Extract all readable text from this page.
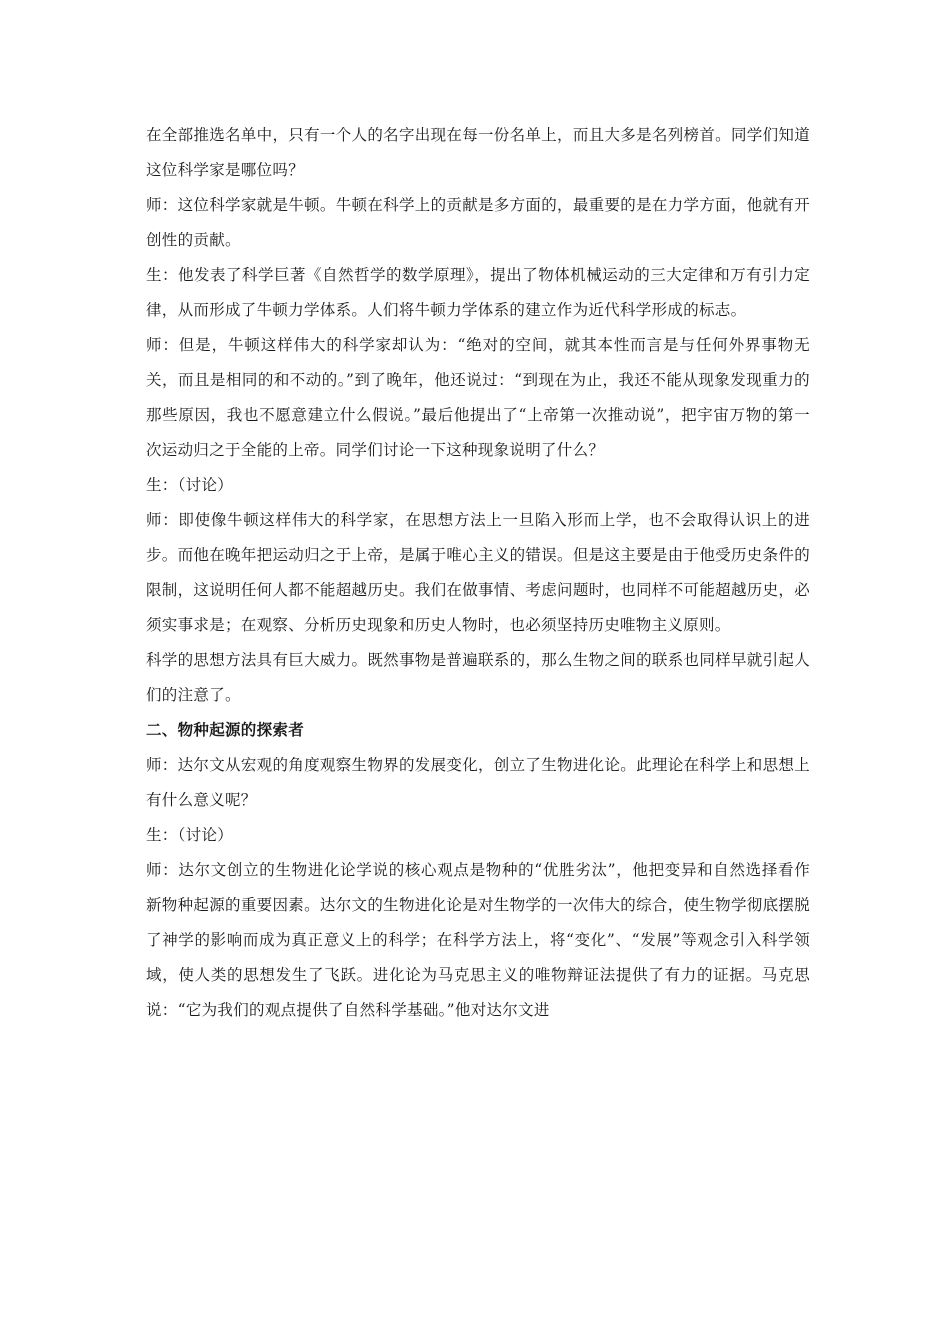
在全部推选名单中，只有一个人的名字出现在每一份名单上，而且大多是名列榜首。同学们知道这位科学家是哪位吗？

师：这位科学家就是牛顿。牛顿在科学上的贡献是多方面的，最重要的是在力学方面，他就有开创性的贡献。

生：他发表了科学巨著《自然哲学的数学原理》，提出了物体机械运动的三大定律和万有引力定律，从而形成了牛顿力学体系。人们将牛顿力学体系的建立作为近代科学形成的标志。

师：但是，牛顿这样伟大的科学家却认为：“绝对的空间，就其本性而言是与任何外界事物无关，而且是相同的和不动的。”到了晚年，他还说过：“到现在为止，我还不能从现象发现重力的那些原因，我也不愿意建立什么假说。”最后他提出了“上帝第一次推动说”，把宇宙万物的第一次运动归之于全能的上帝。同学们讨论一下这种现象说明了什么？

生：（讨论）

师：即使像牛顿这样伟大的科学家，在思想方法上一旦陷入形而上学，也不会取得认识上的进步。而他在晚年把运动归之于上帝，是属于唯心主义的错误。但是这主要是由于他受历史条件的限制，这说明任何人都不能超越历史。我们在做事情、考虑问题时，也同样不可能超越历史，必须实事求是；在观察、分析历史现象和历史人物时，也必须坚持历史唯物主义原则。

科学的思想方法具有巨大威力。既然事物是普遍联系的，那么生物之间的联系也同样早就引起人们的注意了。

二、物种起源的探索者

师：达尔文从宏观的角度观察生物界的发展变化，创立了生物进化论。此理论在科学上和思想上有什么意义呢？

生：（讨论）

师：达尔文创立的生物进化论学说的核心观点是物种的“优胜劣汰”，他把变异和自然选择看作新物种起源的重要因素。达尔文的生物进化论是对生物学的一次伟大的综合，使生物学彻底摆脱了神学的影响而成为真正意义上的科学；在科学方法上，将“变化”、“发展”等观念引入科学领域，使人类的思想发生了飞跃。进化论为马克思主义的唯物辩证法提供了有力的证据。马克思说：“它为我们的观点提供了自然科学基础。”他对达尔文进
